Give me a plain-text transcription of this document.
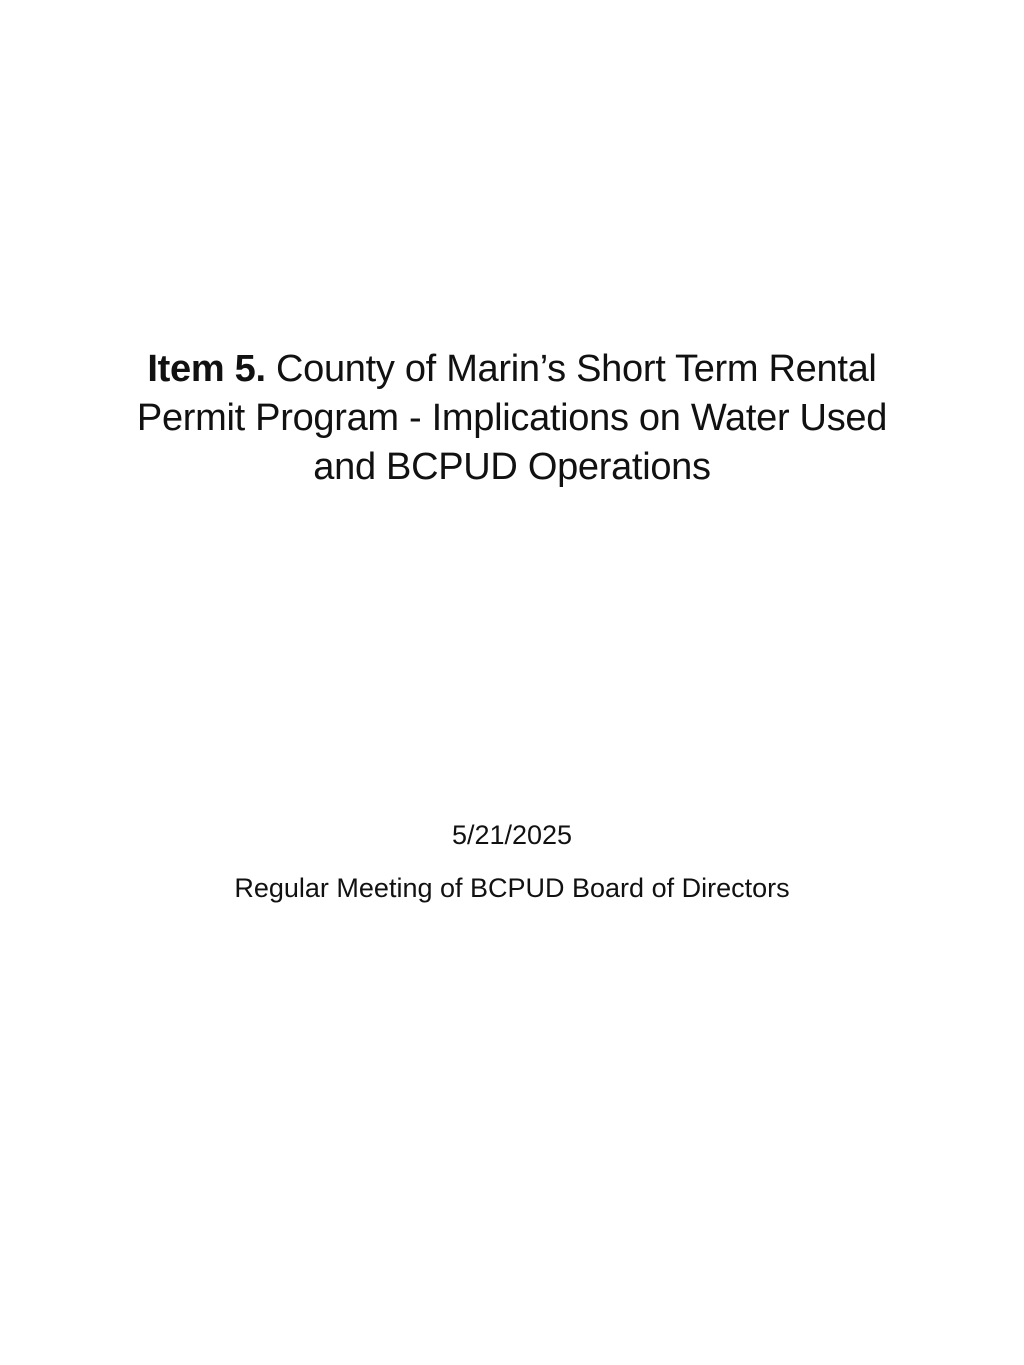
Item 5. County of Marin’s Short Term Rental
Permit Program - Implications on Water Used
and BCPUD Operations
5/21/2025
Regular Meeting of BCPUD Board of Directors
